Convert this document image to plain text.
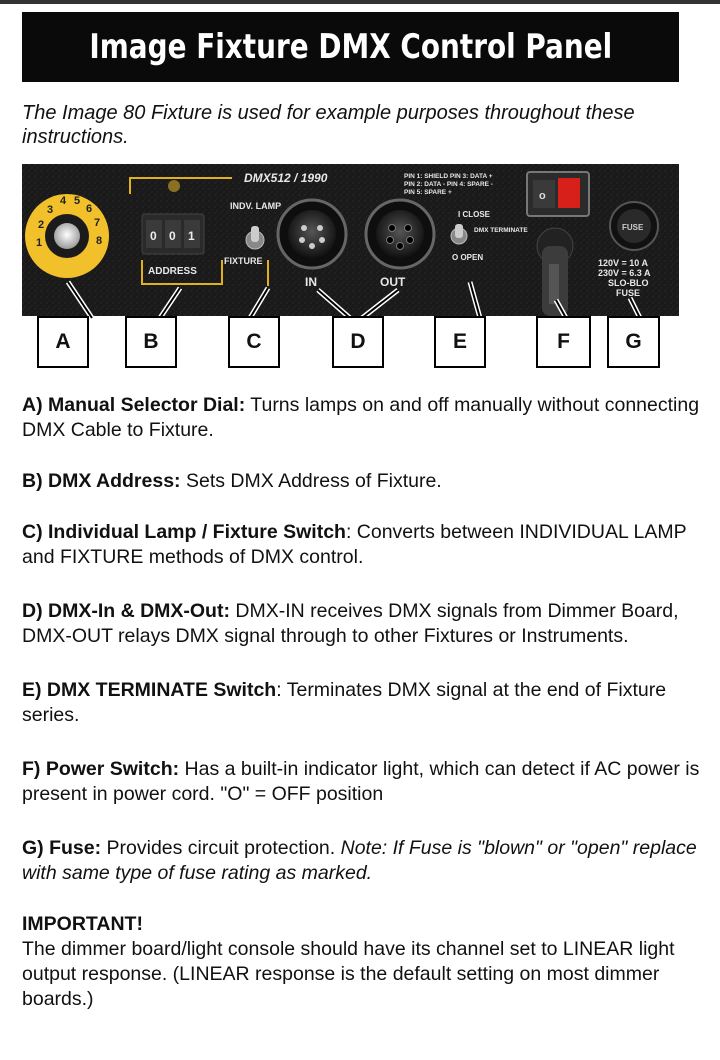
Image Fixture DMX Control Panel
The Image 80 Fixture is used for example purposes throughout these instructions.
1
2
3
4 5
6
7
8
DMX512 / 1990
0 0 1
ADDRESS
INDV. LAMP
FIXTURE
IN	OUT
PIN 1: SHIELD PIN 3: DATA +
PIN 2: DATA - PIN 4: SPARE -
PIN 5: SPARE +
I CLOSE
DMX TERMINATE
O OPEN
o
FUSE
120V = 10 A
230V = 6.3 A
SLO-BLO
FUSE
A	B	C	D	E	F	G

A) Manual Selector Dial: Turns lamps on and off manually without connecting DMX Cable to Fixture.

B) DMX Address: Sets DMX Address of Fixture.

C) Individual Lamp / Fixture Switch: Converts between INDIVIDUAL LAMP and FIXTURE methods of DMX control.

D) DMX-In & DMX-Out: DMX-IN receives DMX signals from Dimmer Board, DMX-OUT relays DMX signal through to other Fixtures or Instruments.

E) DMX TERMINATE Switch: Terminates DMX signal at the end of Fixture series.

F) Power Switch: Has a built-in indicator light, which can detect if AC power is present in power cord. "O" = OFF position

G) Fuse: Provides circuit protection. Note: If Fuse is "blown" or "open" replace with same type of fuse rating as marked.

IMPORTANT!

The dimmer board/light console should have its channel set to LINEAR light output response. (LINEAR response is the default setting on most dimmer boards.)
